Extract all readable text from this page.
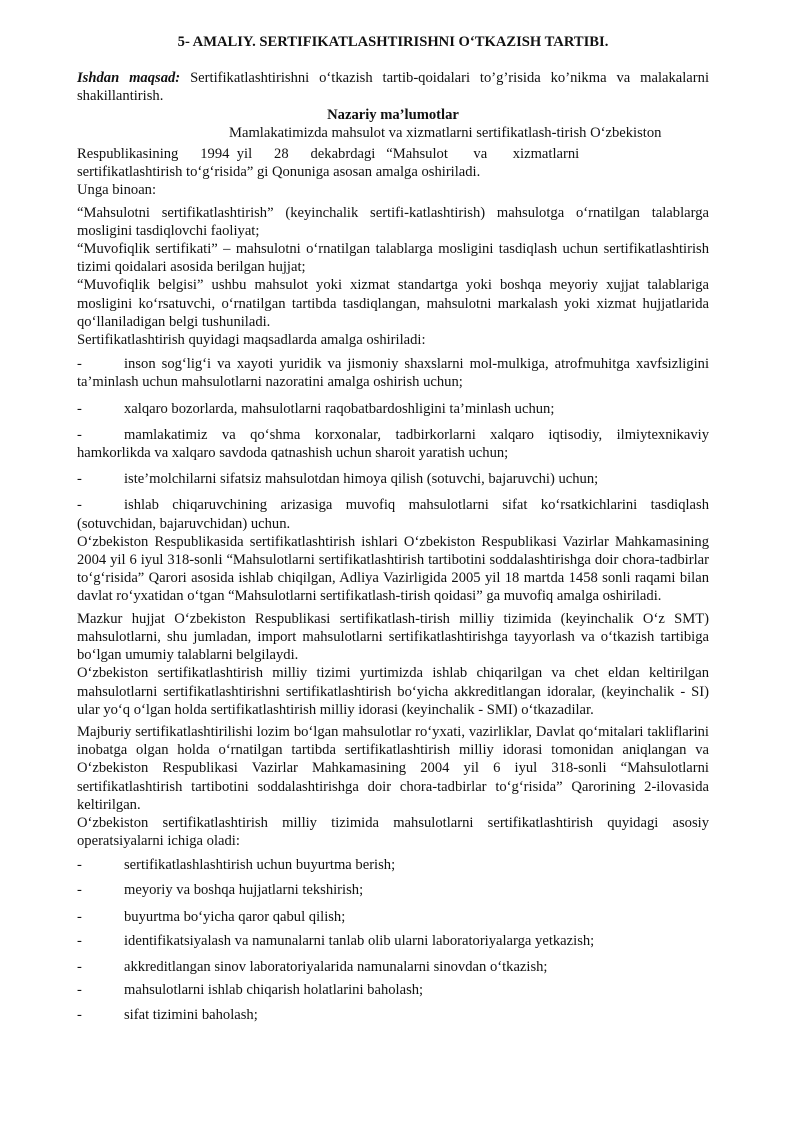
5- AMALIY. SERTIFIKATLASHTIRISHNI O‘TKAZISH TARTIBI.

Ishdan maqsad: Sertifikatlashtirishni o‘tkazish tartib-qoidalari to’g’risida ko’nikma va malakalarni shakillantirish.

Nazariy ma’lumotlar

Mamlakatimizda mahsulot va xizmatlarni sertifikatlash-tirish O‘zbekiston
Respublikasining      1994  yil      28      dekabrdagi   “Mahsulot       va       xizmatlarni
sertifikatlashtirish to‘g‘risida” gi Qonuniga asosan amalga oshiriladi.
Unga binoan:

“Mahsulotni sertifikatlashtirish” (keyinchalik sertifi-katlashtirish) mahsulotga o‘rnatilgan talablarga mosligini tasdiqlovchi faoliyat;

“Muvofiqlik sertifikati” – mahsulotni o‘rnatilgan talablarga mosligini tasdiqlash uchun sertifikatlashtirish tizimi qoidalari asosida berilgan hujjat;

“Muvofiqlik belgisi” ushbu mahsulot yoki xizmat standartga yoki boshqa meyoriy xujjat talablariga mosligini ko‘rsatuvchi, o‘rnatilgan tartibda tasdiqlangan, mahsulotni markalash yoki xizmat hujjatlarida qo‘llaniladigan belgi tushuniladi.

Sertifikatlashtirish quyidagi maqsadlarda amalga oshiriladi:

-	inson sog‘lig‘i va xayoti yuridik va jismoniy shaxslarni mol-mulkiga, atrofmuhitga xavfsizligini ta’minlash uchun mahsulotlarni nazoratini amalga oshirish uchun;

-	xalqaro bozorlarda, mahsulotlarni raqobatbardoshligini ta’minlash uchun;

-	mamlakatimiz va qo‘shma korxonalar, tadbirkorlarni xalqaro iqtisodiy, ilmiytexnikaviy hamkorlikda va xalqaro savdoda qatnashish uchun sharoit yaratish uchun;

-	iste’molchilarni sifatsiz mahsulotdan himoya qilish (sotuvchi, bajaruvchi) uchun;

-	ishlab chiqaruvchining arizasiga muvofiq mahsulotlarni sifat ko‘rsatkichlarini tasdiqlash (sotuvchidan, bajaruvchidan) uchun.

O‘zbekiston Respublikasida sertifikatlashtirish ishlari O‘zbekiston Respublikasi Vazirlar Mahkamasining 2004 yil 6 iyul 318-sonli “Mahsulotlarni sertifikatlashtirish tartibotini soddalashtirishga doir chora-tadbirlar to‘g‘risida” Qarori asosida ishlab chiqilgan, Adliya Vazirligida 2005 yil 18 martda 1458 sonli raqami bilan davlat ro‘yxatidan o‘tgan “Mahsulotlarni sertifikatlash-tirish qoidasi” ga muvofiq amalga oshiriladi.

Mazkur hujjat O‘zbekiston Respublikasi sertifikatlash-tirish milliy tizimida (keyinchalik O‘z SMT) mahsulotlarni, shu jumladan, import mahsulotlarni sertifikatlashtirishga tayyorlash va o‘tkazish tartibiga bo‘lgan umumiy talablarni belgilaydi.

O‘zbekiston sertifikatlashtirish milliy tizimi yurtimizda ishlab chiqarilgan va chet eldan keltirilgan mahsulotlarni sertifikatlashtirishni sertifikatlashtirish bo‘yicha akkreditlangan idoralar, (keyinchalik - SI) ular yo‘q o‘lgan holda sertifikatlashtirish milliy idorasi (keyinchalik - SMI) o‘tkazadilar.

Majburiy sertifikatlashtirilishi lozim bo‘lgan mahsulotlar ro‘yxati, vazirliklar, Davlat qo‘mitalari takliflarini inobatga olgan holda o‘rnatilgan tartibda sertifikatlashtirish milliy idorasi tomonidan aniqlangan va O‘zbekiston Respublikasi Vazirlar Mahkamasining 2004 yil 6 iyul 318-sonli “Mahsulotlarni sertifikatlashtirish tartibotini soddalashtirishga doir chora-tadbirlar to‘g‘risida” Qarorining 2-ilovasida keltirilgan.

O‘zbekiston sertifikatlashtirish milliy tizimida mahsulotlarni sertifikatlashtirish quyidagi asosiy operatsiyalarni ichiga oladi:

-	sertifikatlashlashtirish uchun buyurtma berish;

-	meyoriy va boshqa hujjatlarni tekshirish;

-	buyurtma bo‘yicha qaror qabul qilish;

-	identifikatsiyalash va namunalarni tanlab olib ularni laboratoriyalarga yetkazish;

-	akkreditlangan sinov laboratoriyalarida namunalarni sinovdan o‘tkazish;

-	mahsulotlarni ishlab chiqarish holatlarini baholash;

-	sifat tizimini baholash;
